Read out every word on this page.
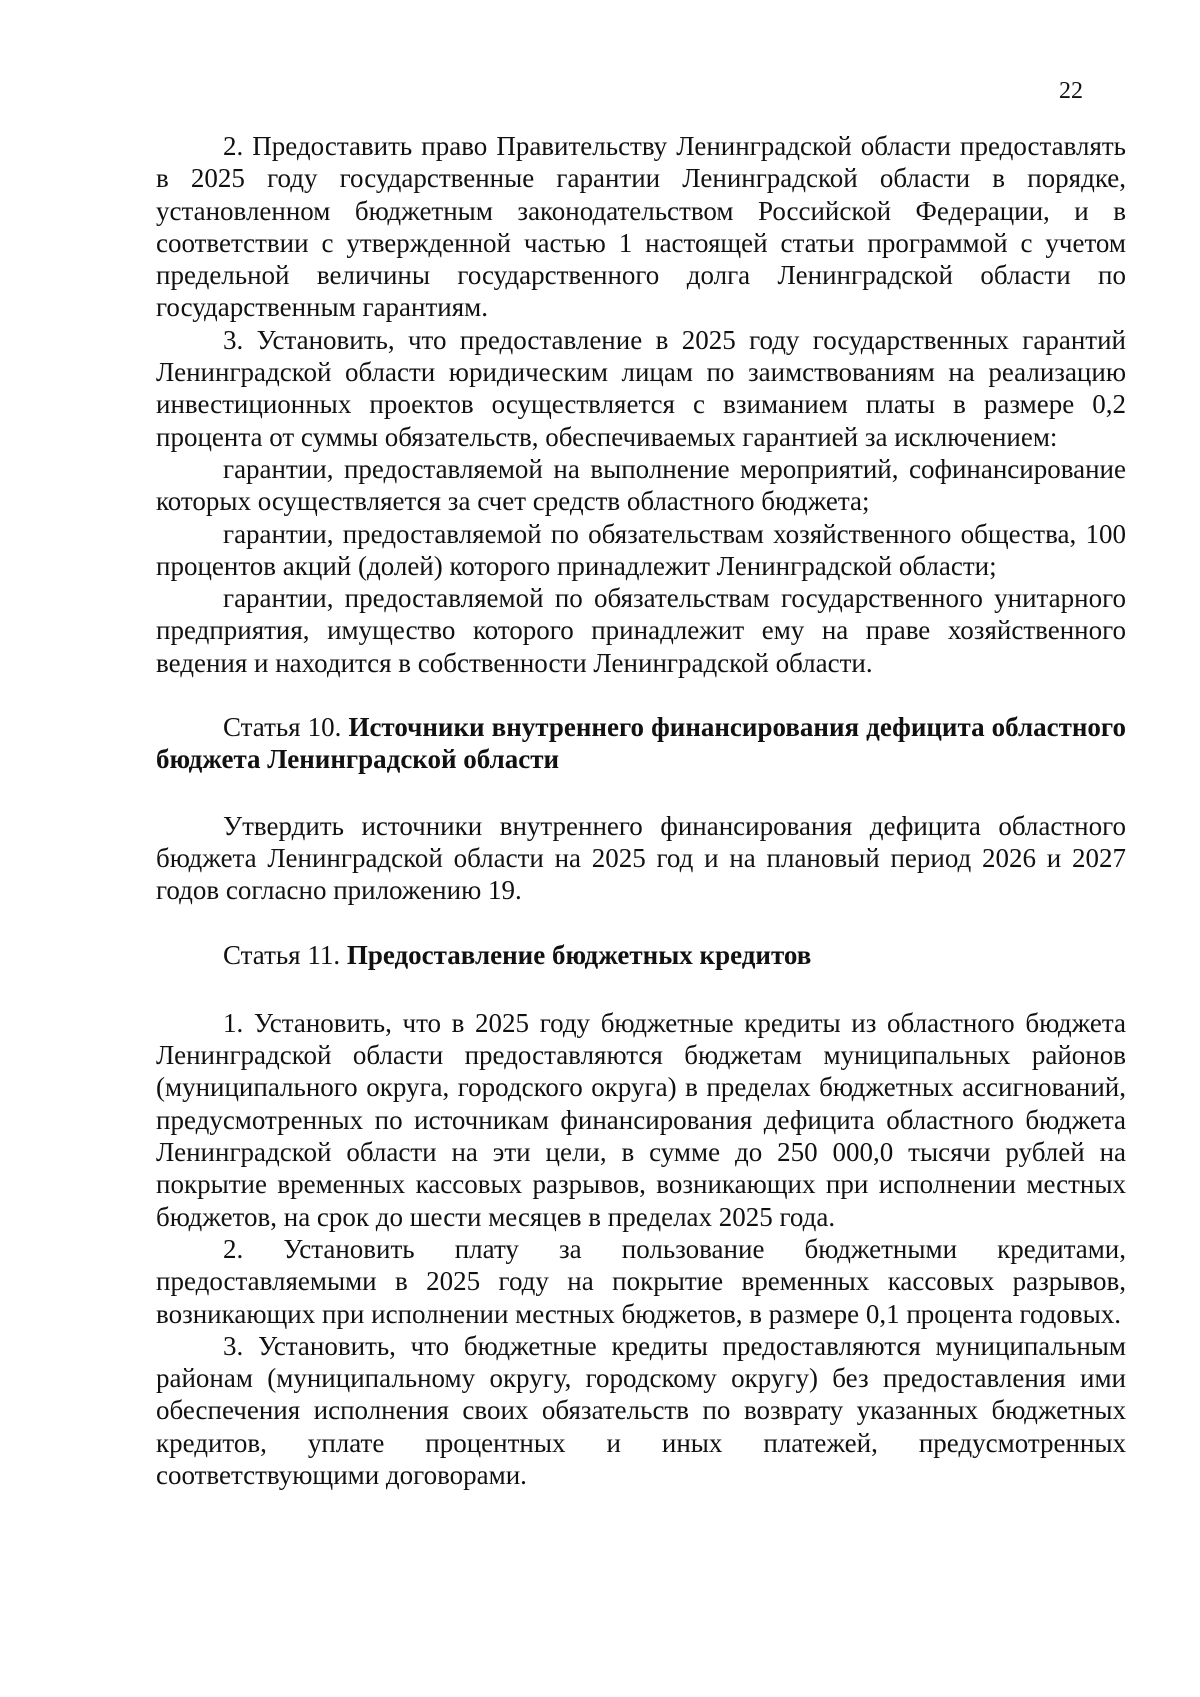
22

2. Предоставить право Правительству Ленинградской области предоставлять в 2025 году государственные гарантии Ленинградской области в порядке, установленном бюджетным законодательством Российской Федерации, и в соответствии с утвержденной частью 1 настоящей статьи программой с учетом предельной величины государственного долга Ленинградской области по государственным гарантиям.

3. Установить, что предоставление в 2025 году государственных гарантий Ленинградской области юридическим лицам по заимствованиям на реализацию инвестиционных проектов осуществляется с взиманием платы в размере 0,2 процента от суммы обязательств, обеспечиваемых гарантией за исключением:

гарантии, предоставляемой на выполнение мероприятий, софинансирование которых осуществляется за счет средств областного бюджета;

гарантии, предоставляемой по обязательствам хозяйственного общества, 100 процентов акций (долей) которого принадлежит Ленинградской области;

гарантии, предоставляемой по обязательствам государственного унитарного предприятия, имущество которого принадлежит ему на праве хозяйственного ведения и находится в собственности Ленинградской области.

Статья 10. Источники внутреннего финансирования дефицита областного бюджета Ленинградской области

Утвердить источники внутреннего финансирования дефицита областного бюджета Ленинградской области на 2025 год и на плановый период 2026 и 2027 годов согласно приложению 19.

Статья 11. Предоставление бюджетных кредитов

1. Установить, что в 2025 году бюджетные кредиты из областного бюджета Ленинградской области предоставляются бюджетам муниципальных районов (муниципального округа, городского округа) в пределах бюджетных ассигнований, предусмотренных по источникам финансирования дефицита областного бюджета Ленинградской области на эти цели, в сумме до 250 000,0 тысячи рублей на покрытие временных кассовых разрывов, возникающих при исполнении местных бюджетов, на срок до шести месяцев в пределах 2025 года.

2. Установить плату за пользование бюджетными кредитами, предоставляемыми в 2025 году на покрытие временных кассовых разрывов, возникающих при исполнении местных бюджетов, в размере 0,1 процента годовых.

3. Установить, что бюджетные кредиты предоставляются муниципальным районам (муниципальному округу, городскому округу) без предоставления ими обеспечения исполнения своих обязательств по возврату указанных бюджетных кредитов, уплате процентных и иных платежей, предусмотренных соответствующими договорами.
